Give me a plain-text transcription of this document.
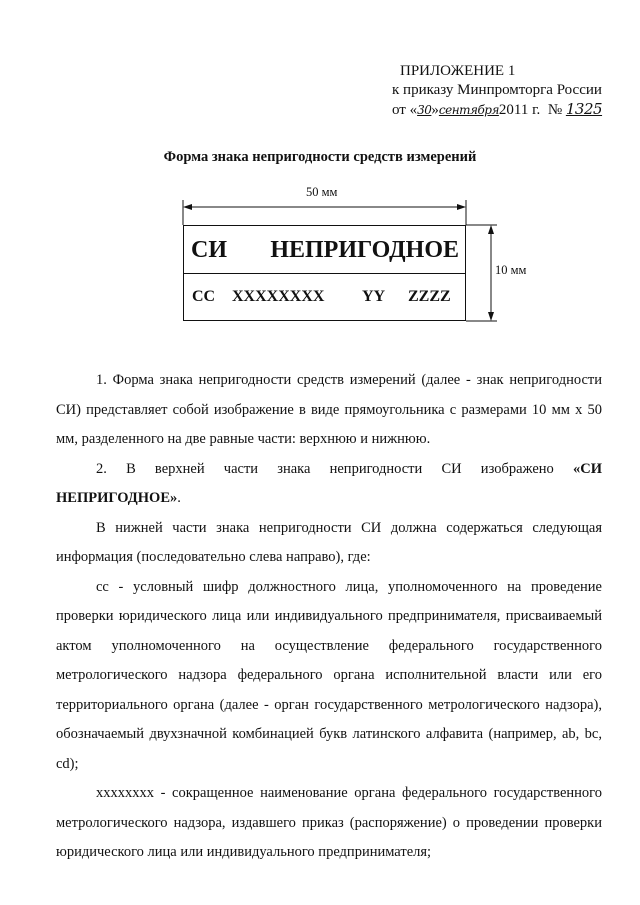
ПРИЛОЖЕНИЕ 1
к приказу Минпромторга России
от «30»сентября2011 г. № 1325
Форма знака непригодности средств измерений
50 мм
10 мм
СИ НЕПРИГОДНОЕ
СС XXXXXXXX YY ZZZZ

1. Форма знака непригодности средств измерений (далее - знак непригодности СИ) представляет собой изображение в виде прямоугольника с размерами 10 мм х 50 мм, разделенного на две равные части: верхнюю и нижнюю.

2. В верхней части знака непригодности СИ изображено «СИ НЕПРИГОДНОЕ».

В нижней части знака непригодности СИ должна содержаться следующая информация (последовательно слева направо), где:

сс - условный шифр должностного лица, уполномоченного на проведение проверки юридического лица или индивидуального предпринимателя, присваиваемый актом уполномоченного на осуществление федерального государственного метрологического надзора федерального органа исполнительной власти или его территориального органа (далее - орган государственного метрологического надзора), обозначаемый двухзначной комбинацией букв латинского алфавита (например, ab, bc, cd);

хххххххх - сокращенное наименование органа федерального государственного метрологического надзора, издавшего приказ (распоряжение) о проведении проверки юридического лица или индивидуального предпринимателя;
